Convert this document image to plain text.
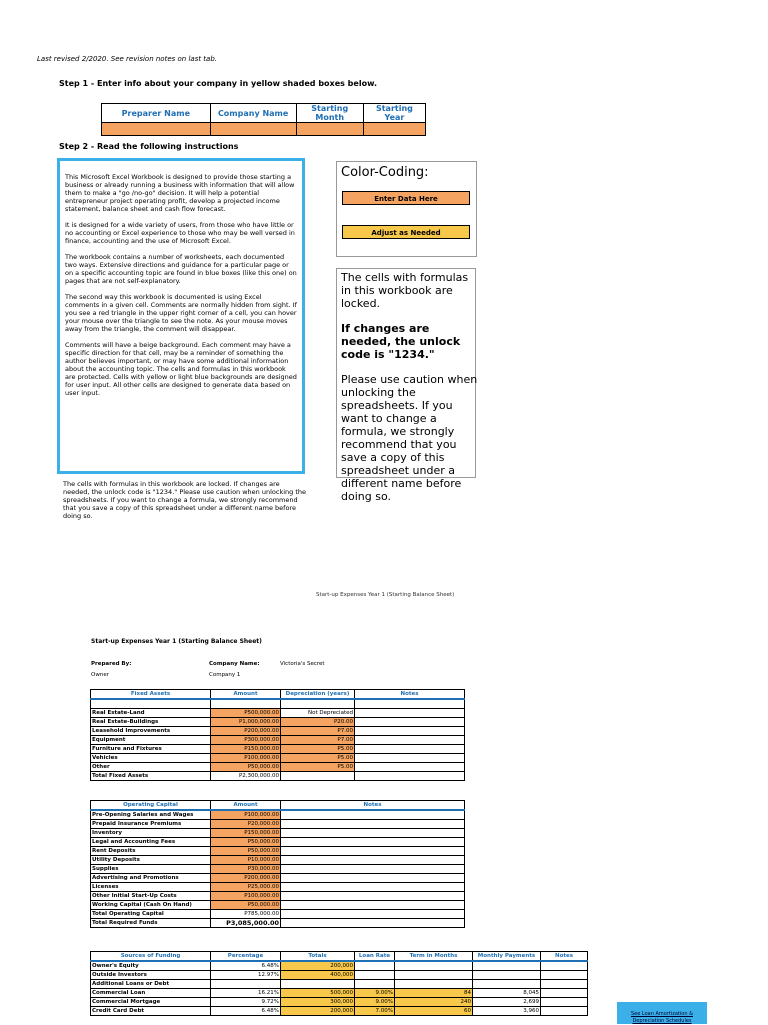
Last revised 2/2020. See revision notes on last tab.
Step 1 - Enter info about your company in yellow shaded boxes below.
Preparer Name	Company Name	Starting Month	Starting Year

Step 2 - Read the following instructions

This Microsoft Excel Workbook is designed to provide those starting a business or already running a business with information that will allow them to make a "go /no-go" decision. It will help a potential entrepreneur project operating profit, develop a projected income statement, balance sheet and cash flow forecast.

It is designed for a wide variety of users, from those who have little or no accounting or Excel experience to those who may be well versed in finance, accounting and the use of Microsoft Excel.

The workbook contains a number of worksheets, each documented two ways. Extensive directions and guidance for a particular page or on a specific accounting topic are found in blue boxes (like this one) on pages that are not self-explanatory.

The second way this workbook is documented is using Excel comments in a given cell. Comments are normally hidden from sight. If you see a red triangle in the upper right corner of a cell, you can hover your mouse over the triangle to see the note. As your mouse moves away from the triangle, the comment will disappear.

Comments will have a beige background. Each comment may have a specific direction for that cell, may be a reminder of something the author believes important, or may have some additional information about the accounting topic. The cells and formulas in this workbook are protected. Cells with yellow or light blue backgrounds are designed for user input. All other cells are designed to generate data based on user input.

The cells with formulas in this workbook are locked. If changes are needed, the unlock code is "1234." Please use caution when unlocking the spreadsheets. If you want to change a formula, we strongly recommend that you save a copy of this spreadsheet under a different name before doing so.
Color-Coding:
Enter Data Here
Adjust as Needed

The cells with formulas in this workbook are locked.

If changes are needed, the unlock code is "1234."

Please use caution when unlocking the spreadsheets. If you want to change a formula, we strongly recommend that you save a copy of this spreadsheet under a different name before doing so.

Start-up Expenses Year 1 (Starting Balance Sheet)
Start-up Expenses Year 1 (Starting Balance Sheet)
Prepared By:
Owner
Company Name:	Victoria's Secret
Company 1
Fixed Assets	Amount	Depreciation (years)	Notes

Real Estate-Land	P500,000.00	Not Depreciated	
Real Estate-Buildings	P1,000,000.00	P20.00	
Leasehold Improvements	P200,000.00	P7.00	
Equipment	P300,000.00	P7.00	
Furniture and Fixtures	P150,000.00	P5.00	
Vehicles	P100,000.00	P5.00	
Other	P50,000.00	P5.00	
Total Fixed Assets	P2,300,000.00		
Operating Capital	Amount	Notes
Pre-Opening Salaries and Wages	P100,000.00	
Prepaid Insurance Premiums	P20,000.00	
Inventory	P150,000.00	
Legal and Accounting Fees	P50,000.00	
Rent Deposits	P50,000.00	
Utility Deposits	P10,000.00	
Supplies	P30,000.00	
Advertising and Promotions	P200,000.00	
Licenses	P25,000.00	
Other Initial Start-Up Costs	P100,000.00	
Working Capital (Cash On Hand)	P50,000.00	
Total Operating Capital	P785,000.00	
Total Required Funds	P3,085,000.00	
Sources of Funding	Percentage	Totals	Loan Rate	Term in Months	Monthly Payments	Notes
Owner's Equity	6.48%	200,000				
Outside Investors	12.97%	400,000				
Additional Loans or Debt						
Commercial Loan	16.21%	500,000	9.00%	84	8,045	
Commercial Mortgage	9.72%	300,000	9.00%	240	2,699	
Credit Card Debt	6.48%	200,000	7.00%	60	3,960		See Loan Amortization & Depreciation Schedules
